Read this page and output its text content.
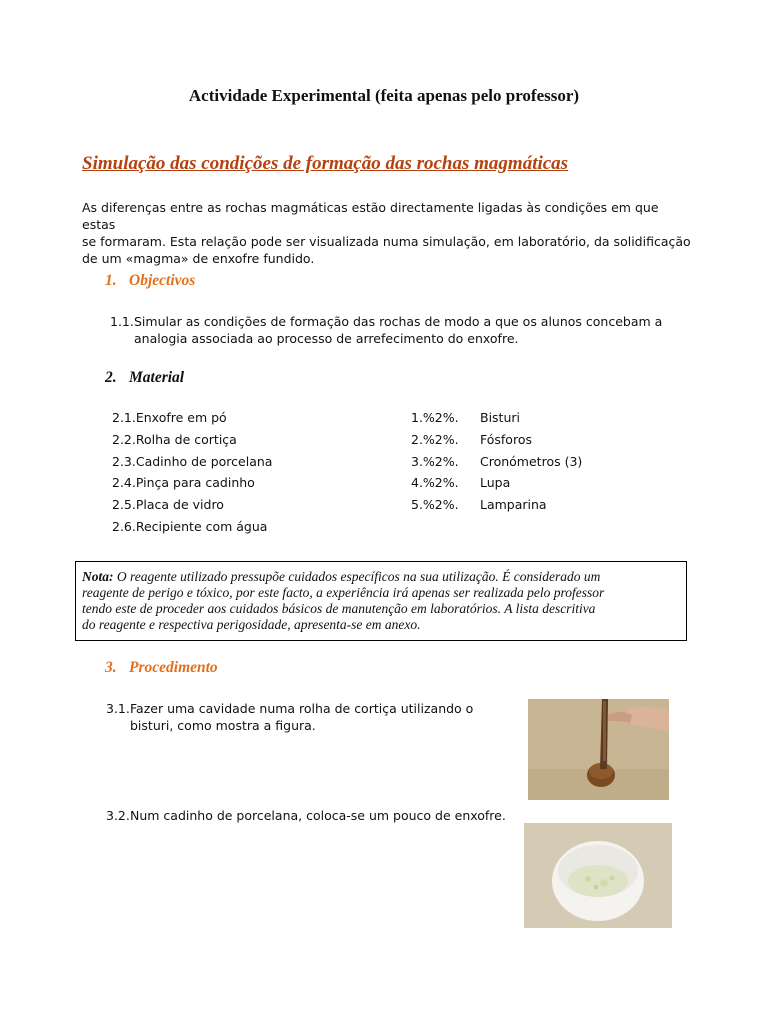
Actividade Experimental (feita apenas pelo professor)
Simulação das condições de formação das rochas magmáticas
As diferenças entre as rochas magmáticas estão directamente ligadas às condições em que estas
se formaram. Esta relação pode ser visualizada numa simulação, em laboratório, da solidificação
de um «magma» de enxofre fundido.
1. Objectivos
1.1. Simular as condições de formação das rochas de modo a que os alunos concebam a
analogia associada ao processo de arrefecimento do enxofre.
2. Material
2.1.Enxofre em pó
2.2.Rolha de cortiça
2.3.Cadinho de porcelana
2.4.Pinça para cadinho
2.5.Placa de vidro
2.6.Recipiente com água
1.%2%. Bisturi
2.%2%. Fósforos
3.%2%. Cronómetros (3)
4.%2%. Lupa
5.%2%. Lamparina
Nota: O reagente utilizado pressupõe cuidados específicos na sua utilização. É considerado um
reagente de perigo e tóxico, por este facto, a experiência irá apenas ser realizada pelo professor
tendo este de proceder aos cuidados básicos de manutenção em laboratórios. A lista descritiva
do reagente e respectiva perigosidade, apresenta-se em anexo.
3. Procedimento
3.1. Fazer uma cavidade numa rolha de cortiça utilizando o
bisturi, como mostra a figura.
3.2. Num cadinho de porcelana, coloca-se um pouco de enxofre.
